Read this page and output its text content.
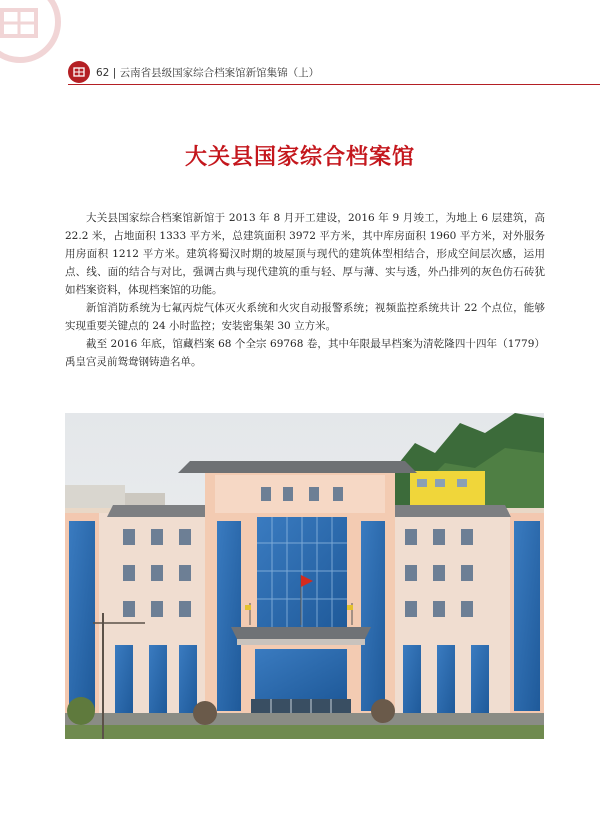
62 | 云南省县级国家综合档案馆新馆集锦（上）
大关县国家综合档案馆

大关县国家综合档案馆新馆于 2013 年 8 月开工建设，2016 年 9 月竣工，为地上 6 层建筑，高 22.2 米，占地面积 1333 平方米，总建筑面积 3972 平方米，其中库房面积 1960 平方米，对外服务用房面积 1212 平方米。建筑将蜀汉时期的坡屋顶与现代的建筑体型相结合，形成空间层次感，运用点、线、面的结合与对比，强调古典与现代建筑的重与轻、厚与薄、实与透，外凸排列的灰色仿石砖犹如档案资料，体现档案馆的功能。

新馆消防系统为七氟丙烷气体灭火系统和火灾自动报警系统；视频监控系统共计 22 个点位，能够实现重要关键点的 24 小时监控；安装密集架 30 立方米。

截至 2016 年底，馆藏档案 68 个全宗 69768 卷，其中年限最早档案为清乾隆四十四年（1779）禹皇宫灵前鸳鸯钢铸造名单。
